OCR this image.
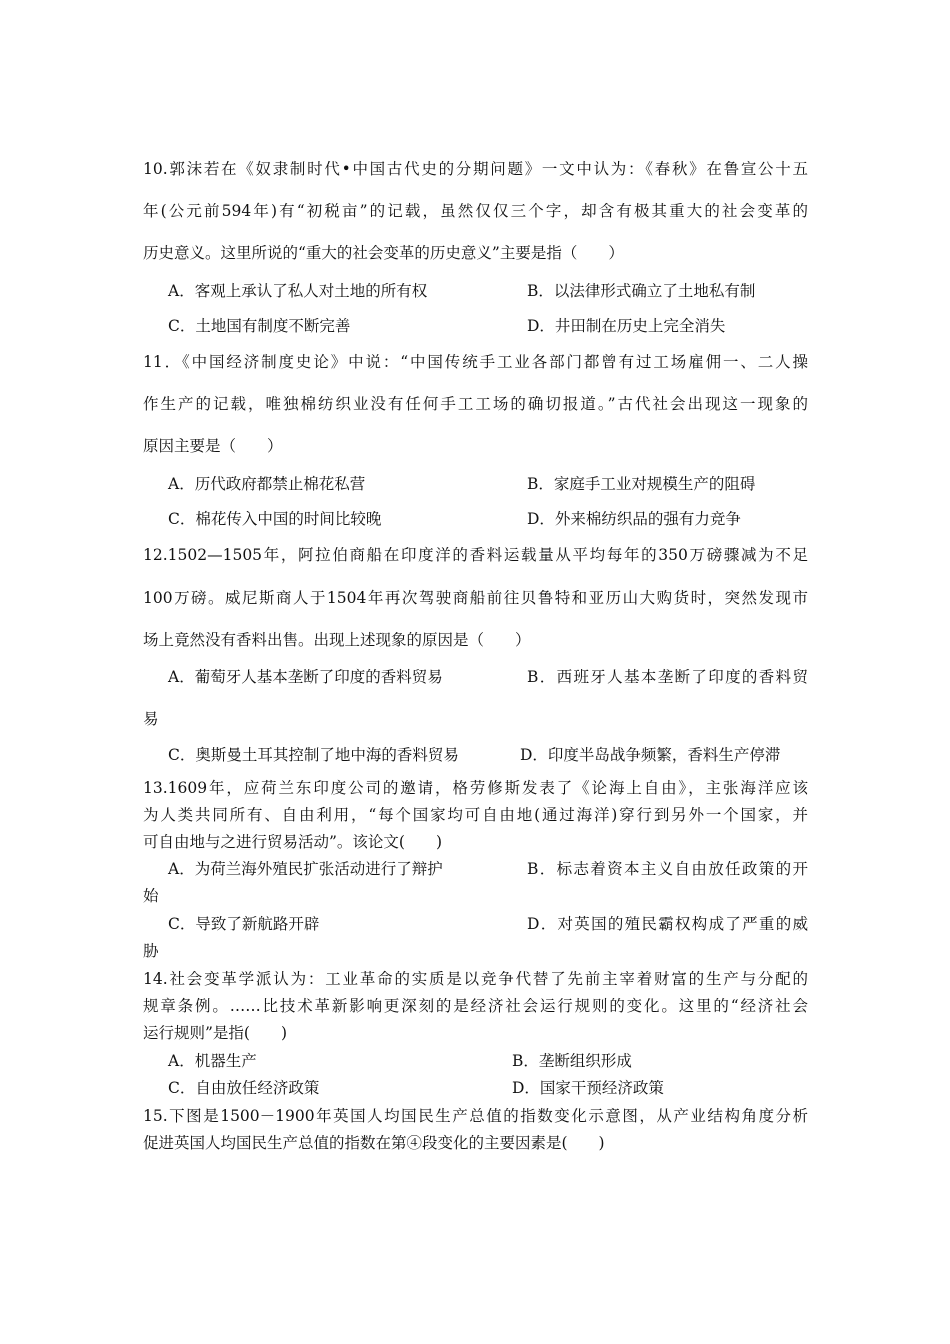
10.郭沫若在《奴隶制时代•中国古代史的分期问题》一文中认为：《春秋》在鲁宣公十五
年(公元前594年)有“初税亩”的记载，虽然仅仅三个字，却含有极其重大的社会变革的
历史意义。这里所说的“重大的社会变革的历史意义”主要是指（　　）
A．客观上承认了私人对土地的所有权	B．以法律形式确立了土地私有制
C．土地国有制度不断完善	D．井田制在历史上完全消失
11．《中国经济制度史论》中说：“中国传统手工业各部门都曾有过工场雇佣一、二人操
作生产的记载，唯独棉纺织业没有任何手工工场的确切报道。”古代社会出现这一现象的
原因主要是（　　）
A．历代政府都禁止棉花私营	B．家庭手工业对规模生产的阻碍
C．棉花传入中国的时间比较晚	D．外来棉纺织品的强有力竞争
12.1502—1505年，阿拉伯商船在印度洋的香料运载量从平均每年的350万磅骤减为不足
100万磅。威尼斯商人于1504年再次驾驶商船前往贝鲁特和亚历山大购货时，突然发现市
场上竟然没有香料出售。出现上述现象的原因是（　　）
A．葡萄牙人基本垄断了印度的香料贸易	B．西班牙人基本垄断了印度的香料贸
易
C．奥斯曼土耳其控制了地中海的香料贸易	D．印度半岛战争频繁，香料生产停滞
13.1609年，应荷兰东印度公司的邀请，格劳修斯发表了《论海上自由》，主张海洋应该
为人类共同所有、自由利用，“每个国家均可自由地(通过海洋)穿行到另外一个国家，并
可自由地与之进行贸易活动”。该论文(　　)
A．为荷兰海外殖民扩张活动进行了辩护	B．标志着资本主义自由放任政策的开
始
C．导致了新航路开辟	D．对英国的殖民霸权构成了严重的威
胁
14.社会变革学派认为：工业革命的实质是以竞争代替了先前主宰着财富的生产与分配的
规章条例。……比技术革新影响更深刻的是经济社会运行规则的变化。这里的“经济社会
运行规则”是指(　　)
A．机器生产	B．垄断组织形成
C．自由放任经济政策	D．国家干预经济政策
15.下图是1500－1900年英国人均国民生产总值的指数变化示意图，从产业结构角度分析
促进英国人均国民生产总值的指数在第④段变化的主要因素是(　　)
